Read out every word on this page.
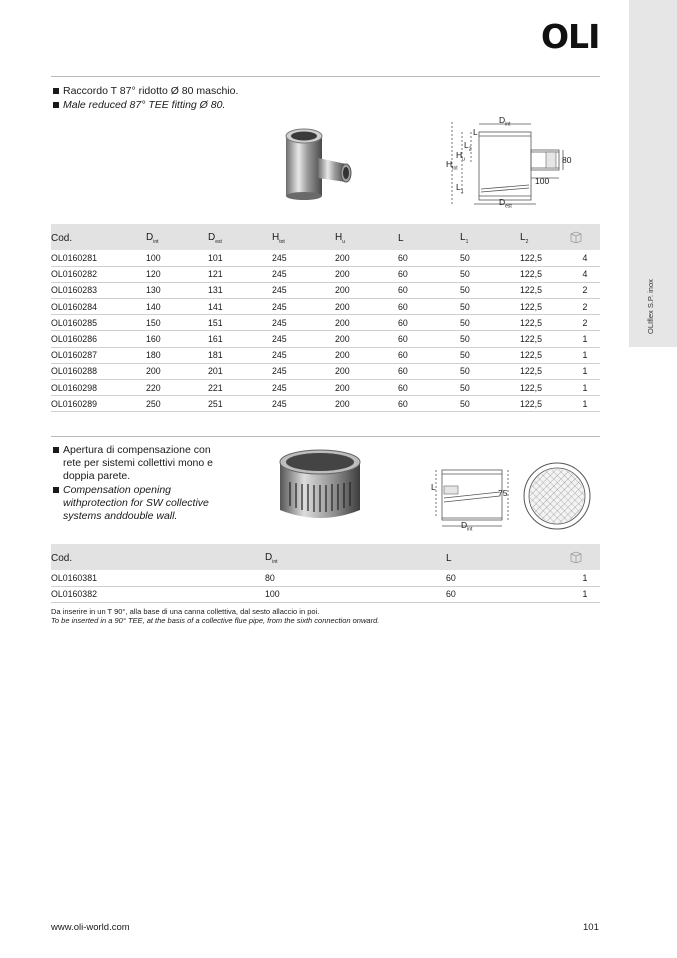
OLIflex S.P. inox
OLI
Raccordo T 87° ridotto Ø 80 maschio.
Male reduced 87° TEE fitting Ø 80.
$D_{int}$
L
$L_2$
$H_u$
$H_{tot}$
$L_1$
$D_{est}$
80
100
Cod.	$D_{int}$	$D_{est}$	$H_{tot}$	$H_u$	L	$L_1$	$L_2$	
OL0160281	100	101	245	200	60	50	122,5	4
OL0160282	120	121	245	200	60	50	122,5	4
OL0160283	130	131	245	200	60	50	122,5	2
OL0160284	140	141	245	200	60	50	122,5	2
OL0160285	150	151	245	200	60	50	122,5	2
OL0160286	160	161	245	200	60	50	122,5	1
OL0160287	180	181	245	200	60	50	122,5	1
OL0160288	200	201	245	200	60	50	122,5	1
OL0160298	220	221	245	200	60	50	122,5	1
OL0160289	250	251	245	200	60	50	122,5	1
Apertura di compensazione con rete per sistemi collettivi mono e doppia parete.
Compensation opening withprotection for SW collective systems anddouble wall.
L
75
$D_{int}$
Cod.	$D_{int}$	L	
OL0160381	80	60	1
OL0160382	100	60	1
Da inserire in un T 90°, alla base di una canna collettiva, dal sesto allaccio in poi.
To be inserted in a 90° TEE, at the basis of a collective flue pipe, from the sixth connection onward.
www.oli-world.com	101
